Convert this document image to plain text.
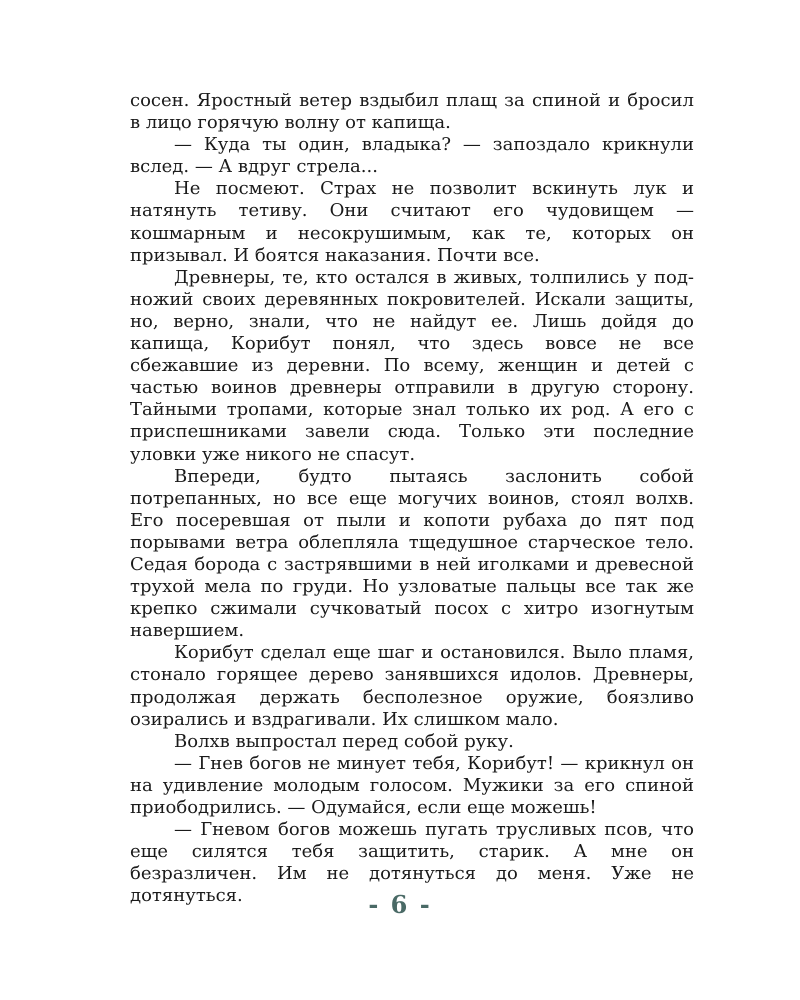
сосен. Яростный ветер вздыбил плащ за спиной и бросил в лицо горячую волну от капища.

— Куда ты один, владыка? — запоздало крикнули вслед. — А вдруг стрела...

Не посмеют. Страх не позволит вскинуть лук и натянуть тетиву. Они считают его чудовищем — кошмарным и несокрушимым, как те, которых он призывал. И боятся наказания. Почти все.

Древнеры, те, кто остался в живых, толпились у подножий своих деревянных покровителей. Искали защиты, но, верно, знали, что не найдут ее. Лишь дойдя до капища, Корибут понял, что здесь вовсе не все сбежавшие из деревни. По всему, женщин и детей с частью воинов древнеры отправили в другую сторону. Тайными тропами, которые знал только их род. А его с приспешниками завели сюда. Только эти последние уловки уже никого не спасут.

Впереди, будто пытаясь заслонить собой потрепанных, но все еще могучих воинов, стоял волхв. Его посеревшая от пыли и копоти рубаха до пят под порывами ветра облепляла тщедушное старческое тело. Седая борода с застрявшими в ней иголками и древесной трухой мела по груди. Но узловатые пальцы все так же крепко сжимали сучковатый посох с хитро изогнутым навершием.

Корибут сделал еще шаг и остановился. Выло пламя, стонало горящее дерево занявшихся идолов. Древнеры, продолжая держать бесполезное оружие, боязливо озирались и вздрагивали. Их слишком мало.

Волхв выпростал перед собой руку.

— Гнев богов не минует тебя, Корибут! — крикнул он на удивление молодым голосом. Мужики за его спиной приободрились. — Одумайся, если еще можешь!

— Гневом богов можешь пугать трусливых псов, что еще силятся тебя защитить, старик. А мне он безразличен. Им не дотянуться до меня. Уже не дотянуться.	- 6 -
